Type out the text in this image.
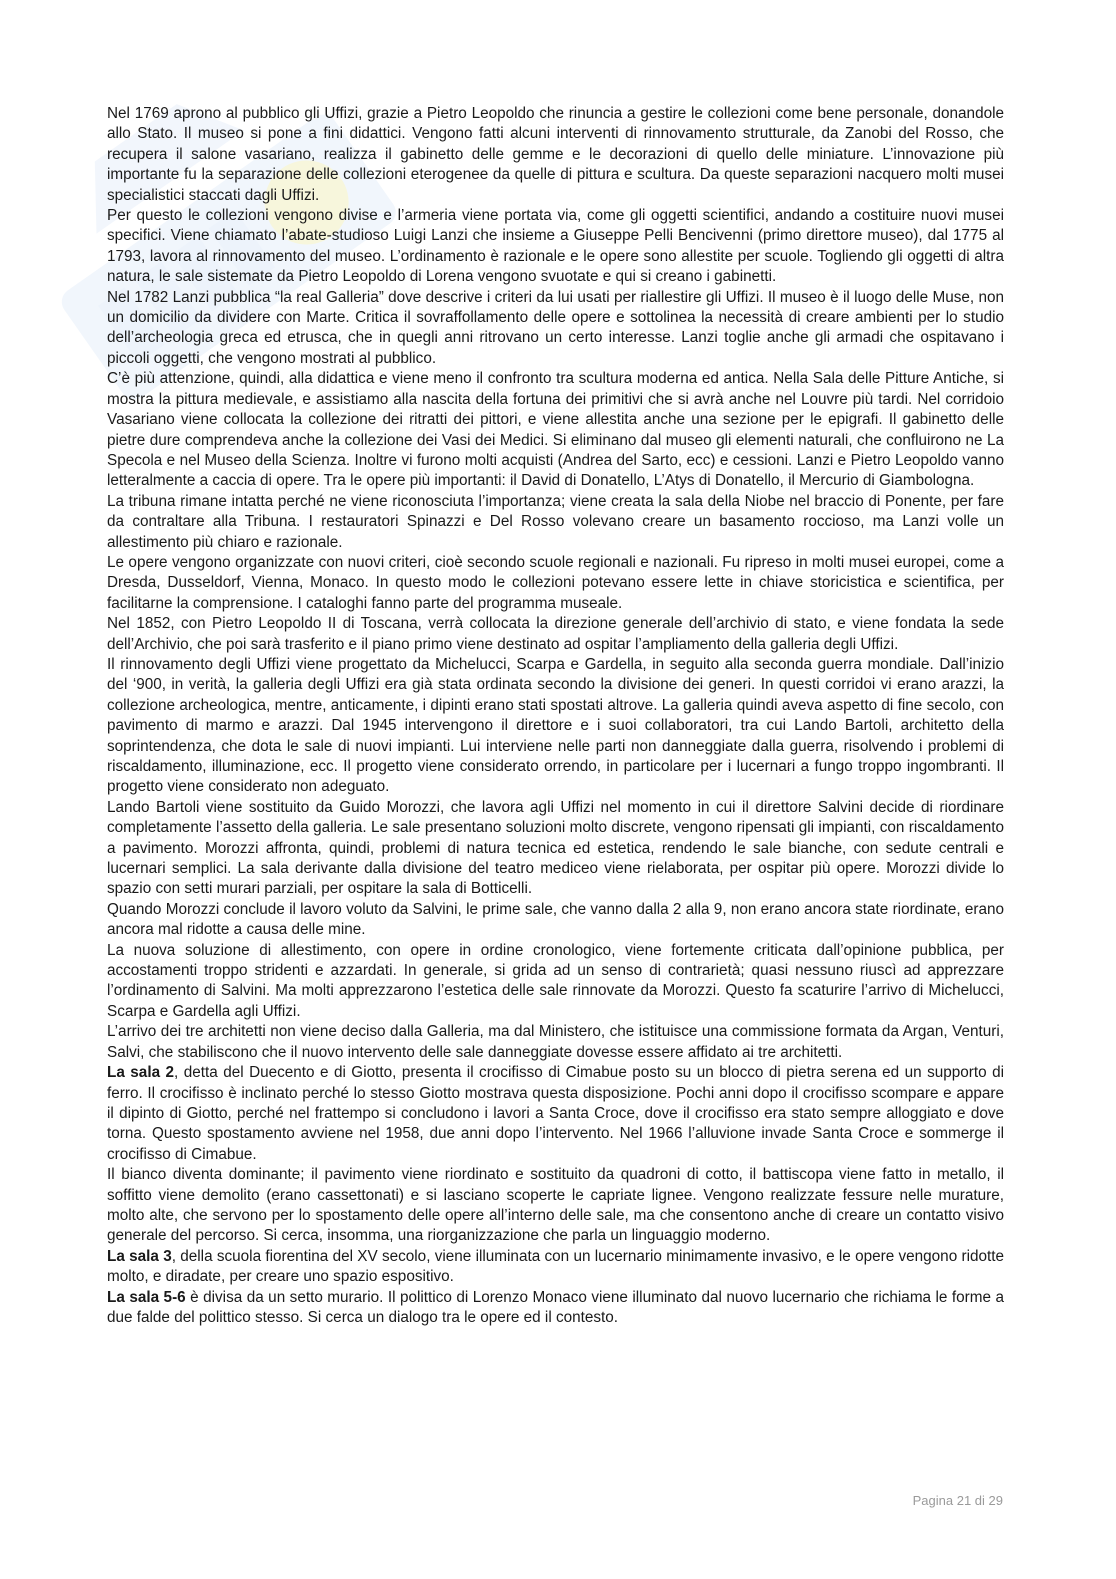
Nel 1769 aprono al pubblico gli Uffizi, grazie a Pietro Leopoldo che rinuncia a gestire le collezioni come bene personale, donandole allo Stato. Il museo si pone a fini didattici. Vengono fatti alcuni interventi di rinnovamento strutturale, da Zanobi del Rosso, che recupera il salone vasariano, realizza il gabinetto delle gemme e le decorazioni di quello delle miniature. L’innovazione più importante fu la separazione delle collezioni eterogenee da quelle di pittura e scultura. Da queste separazioni nacquero molti musei specialistici staccati dagli Uffizi.

Per questo le collezioni vengono divise e l’armeria viene portata via, come gli oggetti scientifici, andando a costituire nuovi musei specifici. Viene chiamato l’abate-studioso Luigi Lanzi che insieme a Giuseppe Pelli Bencivenni (primo direttore museo), dal 1775 al 1793, lavora al rinnovamento del museo. L’ordinamento è razionale e le opere sono allestite per scuole. Togliendo gli oggetti di altra natura, le sale sistemate da Pietro Leopoldo di Lorena vengono svuotate e qui si creano i gabinetti.

Nel 1782 Lanzi pubblica “la real Galleria” dove descrive i criteri da lui usati per riallestire gli Uffizi. Il museo è il luogo delle Muse, non un domicilio da dividere con Marte. Critica il sovraffollamento delle opere e sottolinea la necessità di creare ambienti per lo studio dell’archeologia greca ed etrusca, che in quegli anni ritrovano un certo interesse. Lanzi toglie anche gli armadi che ospitavano i piccoli oggetti, che vengono mostrati al pubblico.

C’è più attenzione, quindi, alla didattica e viene meno il confronto tra scultura moderna ed antica. Nella Sala delle Pitture Antiche, si mostra la pittura medievale, e assistiamo alla nascita della fortuna dei primitivi che si avrà anche nel Louvre più tardi. Nel corridoio Vasariano viene collocata la collezione dei ritratti dei pittori, e viene allestita anche una sezione per le epigrafi. Il gabinetto delle pietre dure comprendeva anche la collezione dei Vasi dei Medici. Si eliminano dal museo gli elementi naturali, che confluirono ne La Specola e nel Museo della Scienza. Inoltre vi furono molti acquisti (Andrea del Sarto, ecc) e cessioni. Lanzi e Pietro Leopoldo vanno letteralmente a caccia di opere. Tra le opere più importanti: il David di Donatello, L’Atys di Donatello, il Mercurio di Giambologna.

La tribuna rimane intatta perché ne viene riconosciuta l’importanza; viene creata la sala della Niobe nel braccio di Ponente, per fare da contraltare alla Tribuna. I restauratori Spinazzi e Del Rosso volevano creare un basamento roccioso, ma Lanzi volle un allestimento più chiaro e razionale.

Le opere vengono organizzate con nuovi criteri, cioè secondo scuole regionali e nazionali. Fu ripreso in molti musei europei, come a Dresda, Dusseldorf, Vienna, Monaco. In questo modo le collezioni potevano essere lette in chiave storicistica e scientifica, per facilitarne la comprensione. I cataloghi fanno parte del programma museale.

Nel 1852, con Pietro Leopoldo II di Toscana, verrà collocata la direzione generale dell’archivio di stato, e viene fondata la sede dell’Archivio, che poi sarà trasferito e il piano primo viene destinato ad ospitar l’ampliamento della galleria degli Uffizi.

Il rinnovamento degli Uffizi viene progettato da Michelucci, Scarpa e Gardella, in seguito alla seconda guerra mondiale. Dall’inizio del ‘900, in verità, la galleria degli Uffizi era già stata ordinata secondo la divisione dei generi. In questi corridoi vi erano arazzi, la collezione archeologica, mentre, anticamente, i dipinti erano stati spostati altrove. La galleria quindi aveva aspetto di fine secolo, con pavimento di marmo e arazzi. Dal 1945 intervengono il direttore e i suoi collaboratori, tra cui Lando Bartoli, architetto della soprintendenza, che dota le sale di nuovi impianti. Lui interviene nelle parti non danneggiate dalla guerra, risolvendo i problemi di riscaldamento, illuminazione, ecc. Il progetto viene considerato orrendo, in particolare per i lucernari a fungo troppo ingombranti. Il progetto viene considerato non adeguato.

Lando Bartoli viene sostituito da Guido Morozzi, che lavora agli Uffizi nel momento in cui il direttore Salvini decide di riordinare completamente l’assetto della galleria. Le sale presentano soluzioni molto discrete, vengono ripensati gli impianti, con riscaldamento a pavimento. Morozzi affronta, quindi, problemi di natura tecnica ed estetica, rendendo le sale bianche, con sedute centrali e lucernari semplici. La sala derivante dalla divisione del teatro mediceo viene rielaborata, per ospitar più opere. Morozzi divide lo spazio con setti murari parziali, per ospitare la sala di Botticelli.

Quando Morozzi conclude il lavoro voluto da Salvini, le prime sale, che vanno dalla 2 alla 9, non erano ancora state riordinate, erano ancora mal ridotte a causa delle mine.

La nuova soluzione di allestimento, con opere in ordine cronologico, viene fortemente criticata dall’opinione pubblica, per accostamenti troppo stridenti e azzardati. In generale, si grida ad un senso di contrarietà; quasi nessuno riuscì ad apprezzare l’ordinamento di Salvini. Ma molti apprezzarono l’estetica delle sale rinnovate da Morozzi. Questo fa scaturire l’arrivo di Michelucci, Scarpa e Gardella agli Uffizi.

L’arrivo dei tre architetti non viene deciso dalla Galleria, ma dal Ministero, che istituisce una commissione formata da Argan, Venturi, Salvi, che stabiliscono che il nuovo intervento delle sale danneggiate dovesse essere affidato ai tre architetti.

La sala 2, detta del Duecento e di Giotto, presenta il crocifisso di Cimabue posto su un blocco di pietra serena ed un supporto di ferro. Il crocifisso è inclinato perché lo stesso Giotto mostrava questa disposizione. Pochi anni dopo il crocifisso scompare e appare il dipinto di Giotto, perché nel frattempo si concludono i lavori a Santa Croce, dove il crocifisso era stato sempre alloggiato e dove torna. Questo spostamento avviene nel 1958, due anni dopo l’intervento. Nel 1966 l’alluvione invade Santa Croce e sommerge il crocifisso di Cimabue.

Il bianco diventa dominante; il pavimento viene riordinato e sostituito da quadroni di cotto, il battiscopa viene fatto in metallo, il soffitto viene demolito (erano cassettonati) e si lasciano scoperte le capriate lignee. Vengono realizzate fessure nelle murature, molto alte, che servono per lo spostamento delle opere all’interno delle sale, ma che consentono anche di creare un contatto visivo generale del percorso. Si cerca, insomma, una riorganizzazione che parla un linguaggio moderno.

La sala 3, della scuola fiorentina del XV secolo, viene illuminata con un lucernario minimamente invasivo, e le opere vengono ridotte molto, e diradate, per creare uno spazio espositivo.

La sala 5-6 è divisa da un setto murario. Il polittico di Lorenzo Monaco viene illuminato dal nuovo lucernario che richiama le forme a due falde del polittico stesso. Si cerca un dialogo tra le opere ed il contesto.

Pagina 21 di 29
